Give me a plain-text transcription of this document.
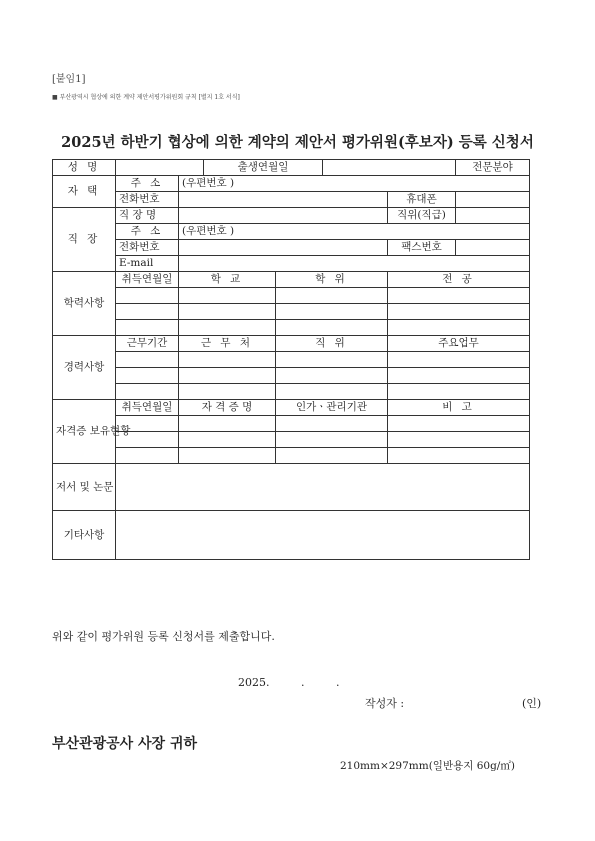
[붙임1]
■ 부산광역시 협상에 의한 계약 제안서평가위원회 규칙 [별지 1호 서식]
2025년 하반기 협상에 의한 계약의 제안서 평가위원(후보자) 등록 신청서
성 명			출생연월일				전문분야
자 택	주 소	(우편번호 )					
	전화번호					휴대폰	
직 장	직 장 명					직위(직급)	
	주 소	(우편번호 )					
	전화번호					팩스번호	
	E-mail						
학력사항	취득연월일	학 교		학 위		전 공	

경력사항	근무기간	근 무 처		직 위		주요업무	

자격증 보유현황	취득연월일	자 격 증 명		인가ㆍ관리기관		비 고	

저서 및 논문							
기타사항							
위와 같이 평가위원 등록 신청서를 제출합니다.
2025. . .
작성자 :	(인)
부산관광공사 사장 귀하
210mm×297mm(일반용지 60g/㎡)
